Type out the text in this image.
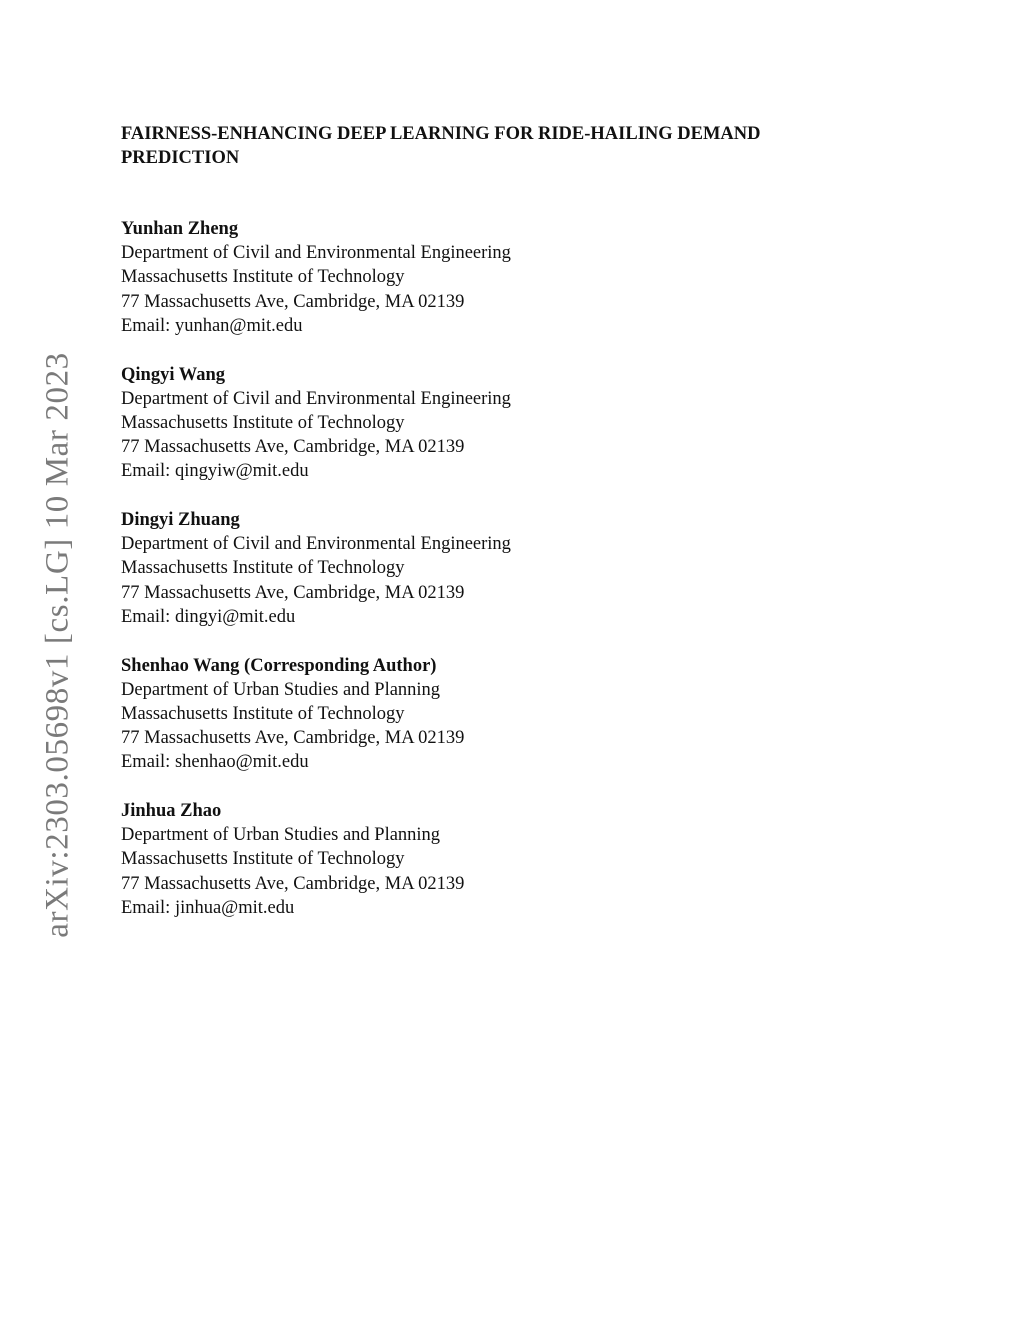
arXiv:2303.05698v1 [cs.LG] 10 Mar 2023
FAIRNESS-ENHANCING DEEP LEARNING FOR RIDE-HAILING DEMAND PREDICTION
Yunhan Zheng
Department of Civil and Environmental Engineering
Massachusetts Institute of Technology
77 Massachusetts Ave, Cambridge, MA 02139
Email: yunhan@mit.edu
Qingyi Wang
Department of Civil and Environmental Engineering
Massachusetts Institute of Technology
77 Massachusetts Ave, Cambridge, MA 02139
Email: qingyiw@mit.edu
Dingyi Zhuang
Department of Civil and Environmental Engineering
Massachusetts Institute of Technology
77 Massachusetts Ave, Cambridge, MA 02139
Email: dingyi@mit.edu
Shenhao Wang (Corresponding Author)
Department of Urban Studies and Planning
Massachusetts Institute of Technology
77 Massachusetts Ave, Cambridge, MA 02139
Email: shenhao@mit.edu
Jinhua Zhao
Department of Urban Studies and Planning
Massachusetts Institute of Technology
77 Massachusetts Ave, Cambridge, MA 02139
Email: jinhua@mit.edu
